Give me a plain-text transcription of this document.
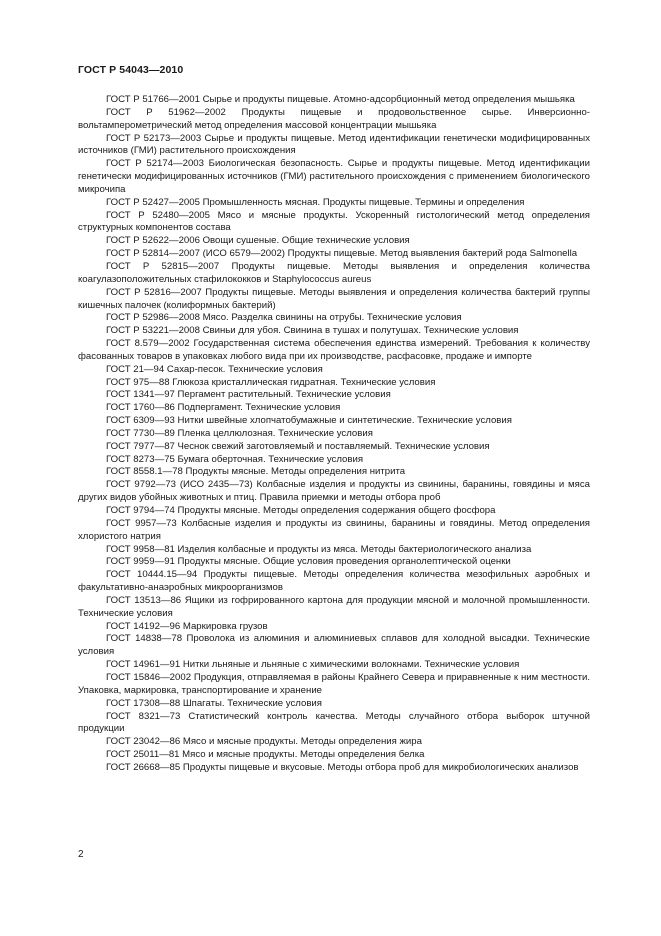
ГОСТ Р 54043—2010
ГОСТ Р 51766—2001 Сырье и продукты пищевые. Атомно-адсорбционный метод определения мышьяка
ГОСТ Р 51962—2002 Продукты пищевые и продовольственное сырье. Инверсионно-вольтамперометрический метод определения массовой концентрации мышьяка
ГОСТ Р 52173—2003 Сырье и продукты пищевые. Метод идентификации генетически модифицированных источников (ГМИ) растительного происхождения
ГОСТ Р 52174—2003 Биологическая безопасность. Сырье и продукты пищевые. Метод идентификации генетически модифицированных источников (ГМИ) растительного происхождения с применением биологического микрочипа
ГОСТ Р 52427—2005 Промышленность мясная. Продукты пищевые. Термины и определения
ГОСТ Р 52480—2005 Мясо и мясные продукты. Ускоренный гистологический метод определения структурных компонентов состава
ГОСТ Р 52622—2006 Овощи сушеные. Общие технические условия
ГОСТ Р 52814—2007 (ИСО 6579—2002) Продукты пищевые. Метод выявления бактерий рода Salmonella
ГОСТ Р 52815—2007 Продукты пищевые. Методы выявления и определения количества коагулазоположительных стафилококков и Staphylococcus aureus
ГОСТ Р 52816—2007 Продукты пищевые. Методы выявления и определения количества бактерий группы кишечных палочек (колиформных бактерий)
ГОСТ Р 52986—2008 Мясо. Разделка свинины на отрубы. Технические условия
ГОСТ Р 53221—2008 Свиньи для убоя. Свинина в тушах и полутушах. Технические условия
ГОСТ 8.579—2002 Государственная система обеспечения единства измерений. Требования к количеству фасованных товаров в упаковках любого вида при их производстве, расфасовке, продаже и импорте
ГОСТ 21—94 Сахар-песок. Технические условия
ГОСТ 975—88 Глюкоза кристаллическая гидратная. Технические условия
ГОСТ 1341—97 Пергамент растительный. Технические условия
ГОСТ 1760—86 Подпергамент. Технические условия
ГОСТ 6309—93 Нитки швейные хлопчатобумажные и синтетические. Технические условия
ГОСТ 7730—89 Пленка целлюлозная. Технические условия
ГОСТ 7977—87 Чеснок свежий заготовляемый и поставляемый. Технические условия
ГОСТ 8273—75 Бумага оберточная. Технические условия
ГОСТ 8558.1—78 Продукты мясные. Методы определения нитрита
ГОСТ 9792—73 (ИСО 2435—73) Колбасные изделия и продукты из свинины, баранины, говядины и мяса других видов убойных животных и птиц. Правила приемки и методы отбора проб
ГОСТ 9794—74 Продукты мясные. Методы определения содержания общего фосфора
ГОСТ 9957—73 Колбасные изделия и продукты из свинины, баранины и говядины. Метод определения хлористого натрия
ГОСТ 9958—81 Изделия колбасные и продукты из мяса. Методы бактериологического анализа
ГОСТ 9959—91 Продукты мясные. Общие условия проведения органолептической оценки
ГОСТ 10444.15—94 Продукты пищевые. Методы определения количества мезофильных аэробных и факультативно-анаэробных микроорганизмов
ГОСТ 13513—86 Ящики из гофрированного картона для продукции мясной и молочной промышленности. Технические условия
ГОСТ 14192—96 Маркировка грузов
ГОСТ 14838—78 Проволока из алюминия и алюминиевых сплавов для холодной высадки. Технические условия
ГОСТ 14961—91 Нитки льняные и льняные с химическими волокнами. Технические условия
ГОСТ 15846—2002 Продукция, отправляемая в районы Крайнего Севера и приравненные к ним местности. Упаковка, маркировка, транспортирование и хранение
ГОСТ 17308—88 Шпагаты. Технические условия
ГОСТ 8321—73 Статистический контроль качества. Методы случайного отбора выборок штучной продукции
ГОСТ 23042—86 Мясо и мясные продукты. Методы определения жира
ГОСТ 25011—81 Мясо и мясные продукты. Методы определения белка
ГОСТ 26668—85 Продукты пищевые и вкусовые. Методы отбора проб для микробиологических анализов
2
